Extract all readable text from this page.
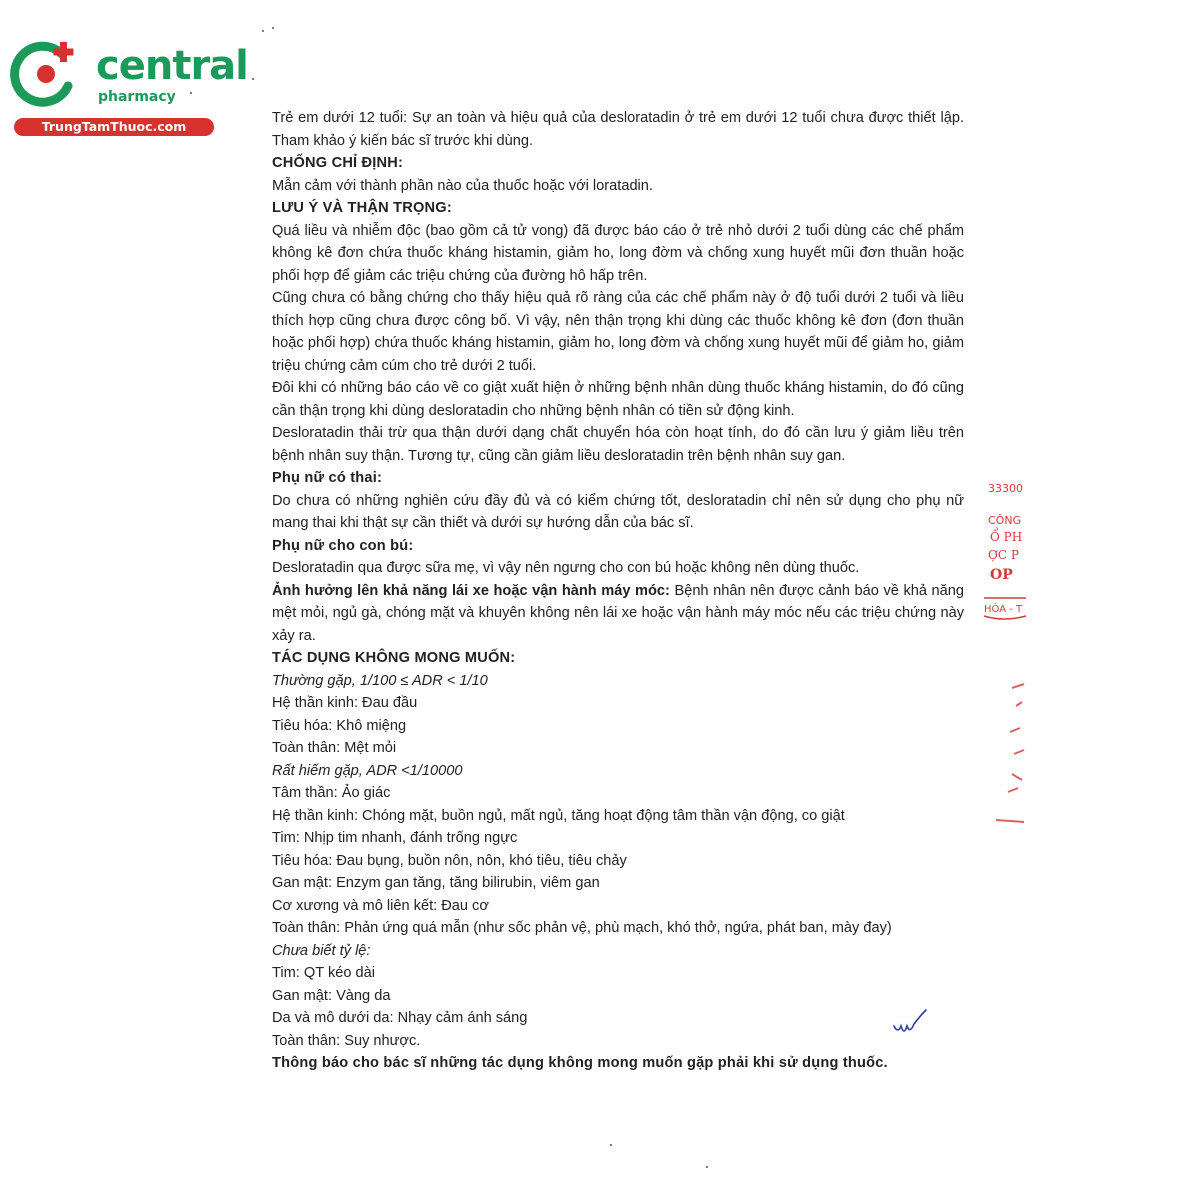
central
pharmacy
TrungTamThuoc.com

Trẻ em dưới 12 tuổi: Sự an toàn và hiệu quả của desloratadin ở trẻ em dưới 12 tuổi chưa được thiết lập. Tham khảo ý kiến bác sĩ trước khi dùng.

CHỐNG CHỈ ĐỊNH:

Mẫn cảm với thành phần nào của thuốc hoặc với loratadin.

LƯU Ý VÀ THẬN TRỌNG:

Quá liều và nhiễm độc (bao gồm cả tử vong) đã được báo cáo ở trẻ nhỏ dưới 2 tuổi dùng các chế phẩm không kê đơn chứa thuốc kháng histamin, giảm ho, long đờm và chống xung huyết mũi đơn thuần hoặc phối hợp để giảm các triệu chứng của đường hô hấp trên.

Cũng chưa có bằng chứng cho thấy hiệu quả rõ ràng của các chế phẩm này ở độ tuổi dưới 2 tuổi và liều thích hợp cũng chưa được công bố. Vì vậy, nên thận trọng khi dùng các thuốc không kê đơn (đơn thuần hoặc phối hợp) chứa thuốc kháng histamin, giảm ho, long đờm và chống xung huyết mũi để giảm ho, giảm triệu chứng cảm cúm cho trẻ dưới 2 tuổi.

Đôi khi có những báo cáo về co giật xuất hiện ở những bệnh nhân dùng thuốc kháng histamin, do đó cũng cần thận trọng khi dùng desloratadin cho những bệnh nhân có tiền sử động kinh.

Desloratadin thải trừ qua thận dưới dạng chất chuyển hóa còn hoạt tính, do đó cần lưu ý giảm liều trên bệnh nhân suy thận. Tương tự, cũng cần giảm liều desloratadin trên bệnh nhân suy gan.

Phụ nữ có thai:

Do chưa có những nghiên cứu đầy đủ và có kiểm chứng tốt, desloratadin chỉ nên sử dụng cho phụ nữ mang thai khi thật sự cần thiết và dưới sự hướng dẫn của bác sĩ.

Phụ nữ cho con bú:

Desloratadin qua được sữa mẹ, vì vậy nên ngưng cho con bú hoặc không nên dùng thuốc.

Ảnh hưởng lên khả năng lái xe hoặc vận hành máy móc: Bệnh nhân nên được cảnh báo về khả năng mệt mỏi, ngủ gà, chóng mặt và khuyên không nên lái xe hoặc vận hành máy móc nếu các triệu chứng này xảy ra.

TÁC DỤNG KHÔNG MONG MUỐN:

Thường gặp, 1/100 ≤ ADR < 1/10

Hệ thần kinh: Đau đầu

Tiêu hóa: Khô miệng

Toàn thân: Mệt mỏi

Rất hiếm gặp, ADR <1/10000

Tâm thần: Ảo giác

Hệ thần kinh: Chóng mặt, buồn ngủ, mất ngủ, tăng hoạt động tâm thần vận động, co giật

Tim: Nhịp tim nhanh, đánh trống ngực

Tiêu hóa: Đau bụng, buồn nôn, nôn, khó tiêu, tiêu chảy

Gan mật: Enzym gan tăng, tăng bilirubin, viêm gan

Cơ xương và mô liên kết: Đau cơ

Toàn thân: Phản ứng quá mẫn (như sốc phản vệ, phù mạch, khó thở, ngứa, phát ban, mày đay)

Chưa biết tỷ lệ:

Tim: QT kéo dài

Gan mật: Vàng da

Da và mô dưới da: Nhạy cảm ánh sáng

Toàn thân: Suy nhược.

Thông báo cho bác sĩ những tác dụng không mong muốn gặp phải khi sử dụng thuốc.

33300
CÔNG
Ổ PH
ỢC P
OP
HÓA - T
